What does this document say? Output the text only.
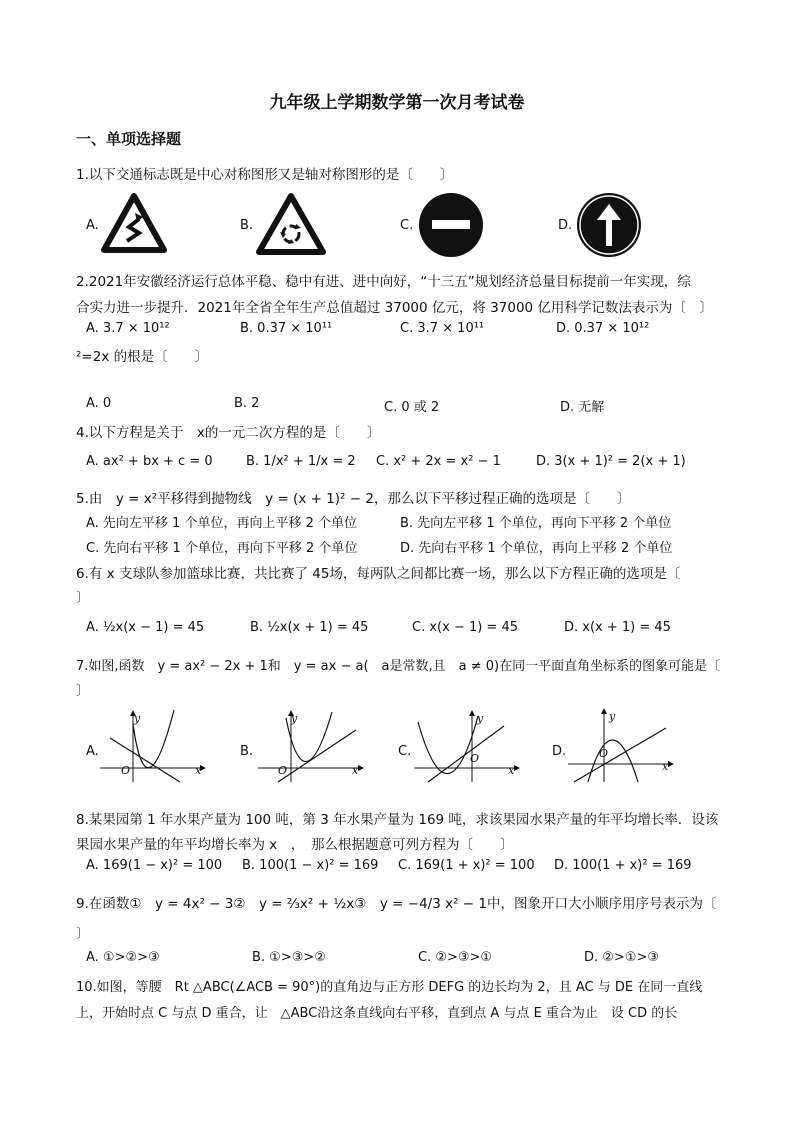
九年级上学期数学第一次月考试卷
一、单项选择题
1.以下交通标志既是中心对称图形又是轴对称图形的是〔　　〕
A.	B.	C.	D.
2.2021年安徽经济运行总体平稳、稳中有进、进中向好，“十三五”规划经济总量目标提前一年实现，综
合实力进一步提升．2021年全省全年生产总值超过 37000 亿元，将 37000 亿用科学记数法表示为〔　〕
A. 3.7 × 10¹²	B. 0.37 × 10¹¹	C. 3.7 × 10¹¹	D. 0.37 × 10¹²
²=2x 的根是〔　　〕
A. 0	B. 2	C. 0 或 2	D. 无解
4.以下方程是关于　x的一元二次方程的是〔　　〕
A. ax² + bx + c = 0	B. 1/x² + 1/x = 2 C. x² + 2x = x² − 1	D. 3(x + 1)² = 2(x + 1)
5.由　y = x²平移得到抛物线　y = (x + 1)² − 2，那么以下平移过程正确的选项是〔　　〕
A. 先向左平移 1 个单位，再向上平移 2 个单位	B. 先向左平移 1 个单位，再向下平移 2 个单位
C. 先向右平移 1 个单位，再向下平移 2 个单位	D. 先向右平移 1 个单位，再向上平移 2 个单位
6.有 x 支球队参加篮球比赛，共比赛了 45场，每两队之间都比赛一场，那么以下方程正确的选项是〔
〕
A. ½x(x − 1) = 45	B. ½x(x + 1) = 45	C. x(x − 1) = 45	D. x(x + 1) = 45
7.如图,函数　y = ax² − 2x + 1和　y = ax − a(　a是常数,且　a ≠ 0)在同一平面直角坐标系的图象可能是〔
〕
A.
y
x
O
B.
y
x
O
C.
y
x
O	D.
y
x
O
8.某果园第 1 年水果产量为 100 吨，第 3 年水果产量为 169 吨，求该果园水果产量的年平均增长率．设该
果园水果产量的年平均增长率为 x　，　那么根据题意可列方程为〔　　〕
A. 169(1 − x)² = 100 B. 100(1 − x)² = 169 C. 169(1 + x)² = 100 D. 100(1 + x)² = 169
9.在函数①　y = 4x² − 3②　y = ⅔x² + ½x③　y = −4/3 x² − 1中，图象开口大小顺序用序号表示为〔
〕
A. ①>②>③	B. ①>③>②	C. ②>③>①	D. ②>①>③
10.如图，等腰　Rt △ABC(∠ACB = 90°)的直角边与正方形 DEFG 的边长均为 2，且 AC 与 DE 在同一直线
上，开始时点 C 与点 D 重合，让　△ABC沿这条直线向右平移，直到点 A 与点 E 重合为止　设 CD 的长
